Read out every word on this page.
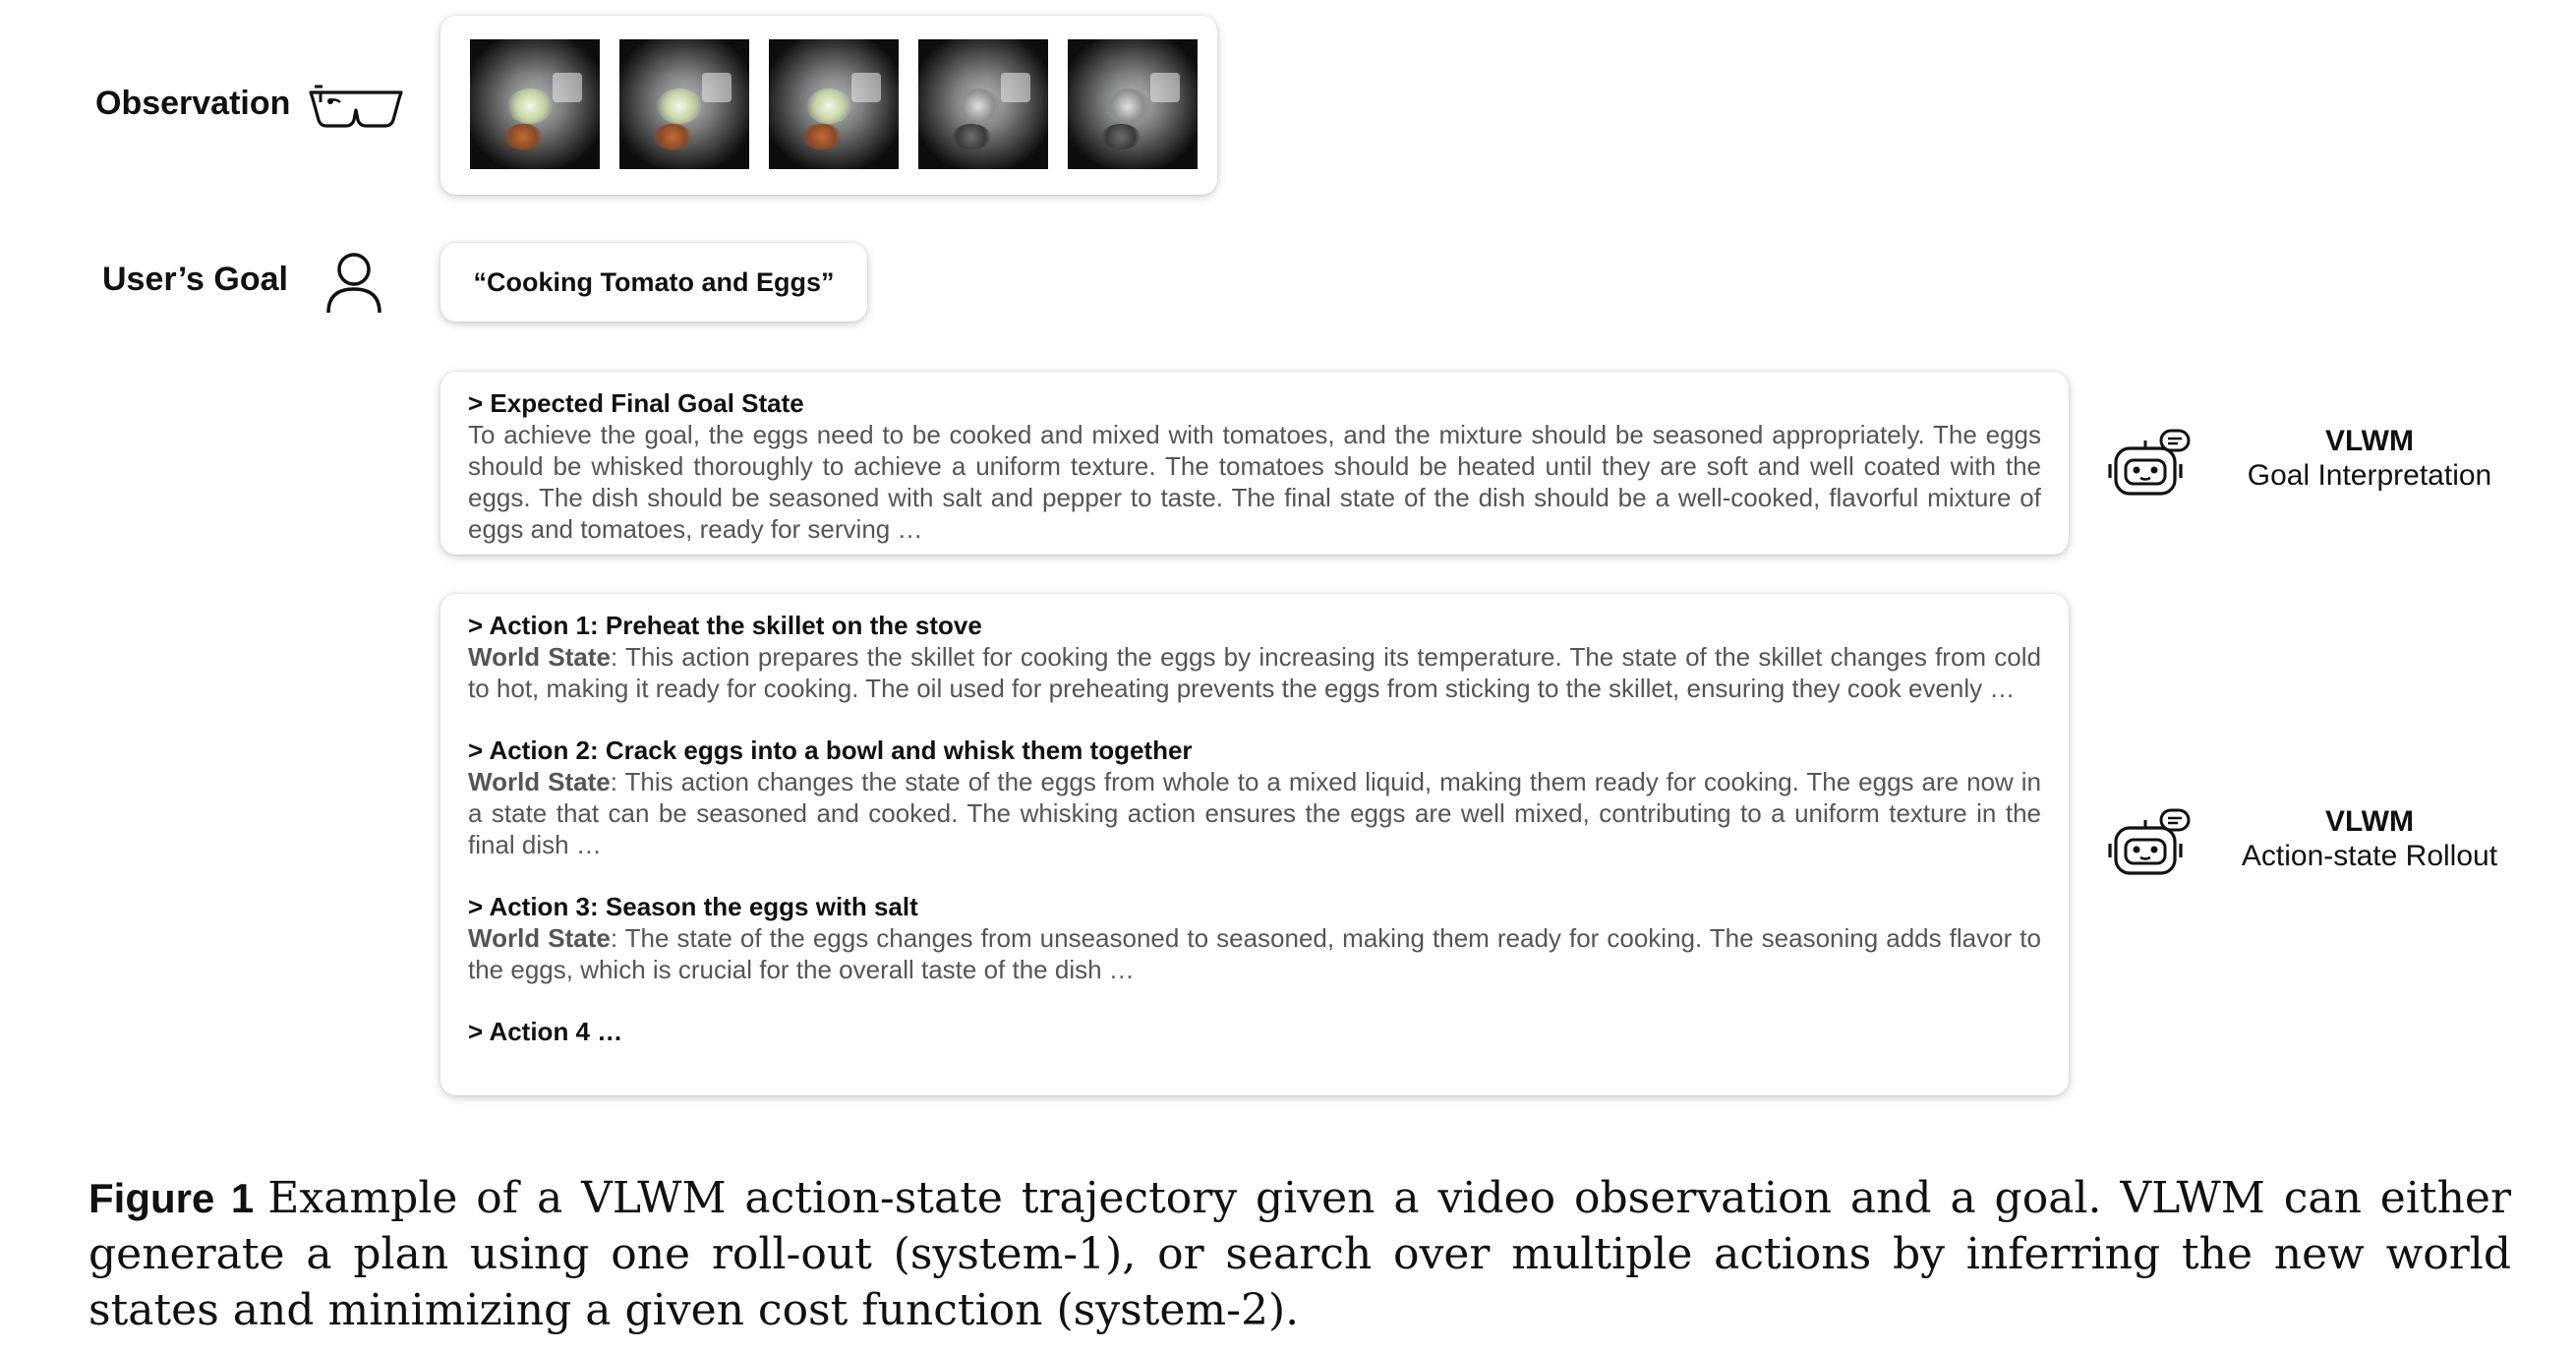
Observation
User’s Goal	“Cooking Tomato and Eggs”
> Expected Final Goal State
To achieve the goal, the eggs need to be cooked and mixed with tomatoes, and the mixture should be seasoned appropriately. The eggs should be whisked thoroughly to achieve a uniform texture. The tomatoes should be heated until they are soft and well coated with the eggs. The dish should be seasoned with salt and pepper to taste. The final state of the dish should be a well-cooked, flavorful mixture of eggs and tomatoes, ready for serving …
> Action 1: Preheat the skillet on the stove
World State: This action prepares the skillet for cooking the eggs by increasing its temperature. The state of the skillet changes from cold to hot, making it ready for cooking. The oil used for preheating prevents the eggs from sticking to the skillet, ensuring they cook evenly …
> Action 2: Crack eggs into a bowl and whisk them together
World State: This action changes the state of the eggs from whole to a mixed liquid, making them ready for cooking. The eggs are now in a state that can be seasoned and cooked. The whisking action ensures the eggs are well mixed, contributing to a uniform texture in the final dish …
> Action 3: Season the eggs with salt
World State: The state of the eggs changes from unseasoned to seasoned, making them ready for cooking. The seasoning adds flavor to the eggs, which is crucial for the overall taste of the dish …
> Action 4 …
VLWM
Goal Interpretation
VLWM
Action-state Rollout
Figure 1 Example of a VLWM action-state trajectory given a video observation and a goal. VLWM can either generate a plan using one roll-out (system-1), or search over multiple actions by inferring the new world states and minimizing a given cost function (system-2).
